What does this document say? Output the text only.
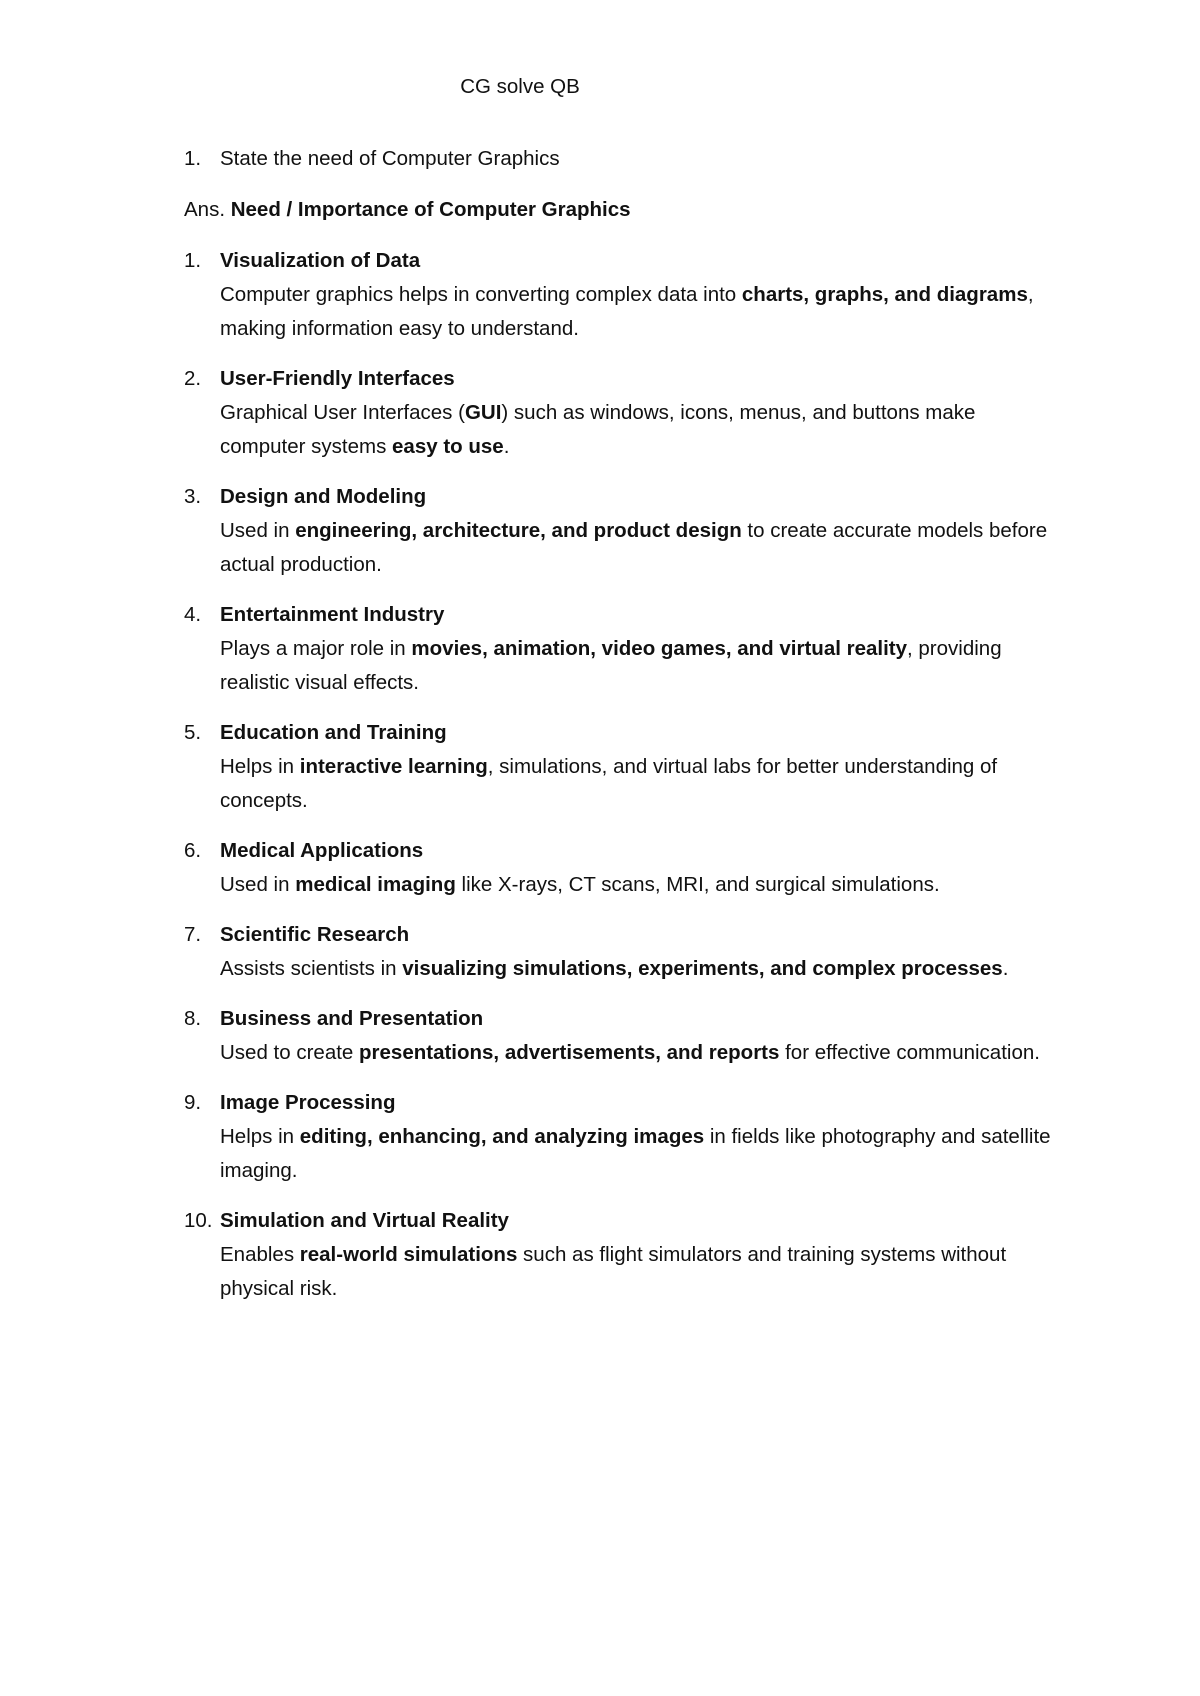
CG solve QB
1. State the need of Computer Graphics
Ans. Need / Importance of Computer Graphics
1. Visualization of Data
Computer graphics helps in converting complex data into charts, graphs, and diagrams, making information easy to understand.
2. User-Friendly Interfaces
Graphical User Interfaces (GUI) such as windows, icons, menus, and buttons make computer systems easy to use.
3. Design and Modeling
Used in engineering, architecture, and product design to create accurate models before actual production.
4. Entertainment Industry
Plays a major role in movies, animation, video games, and virtual reality, providing realistic visual effects.
5. Education and Training
Helps in interactive learning, simulations, and virtual labs for better understanding of concepts.
6. Medical Applications
Used in medical imaging like X-rays, CT scans, MRI, and surgical simulations.
7. Scientific Research
Assists scientists in visualizing simulations, experiments, and complex processes.
8. Business and Presentation
Used to create presentations, advertisements, and reports for effective communication.
9. Image Processing
Helps in editing, enhancing, and analyzing images in fields like photography and satellite imaging.
10. Simulation and Virtual Reality
Enables real-world simulations such as flight simulators and training systems without physical risk.
